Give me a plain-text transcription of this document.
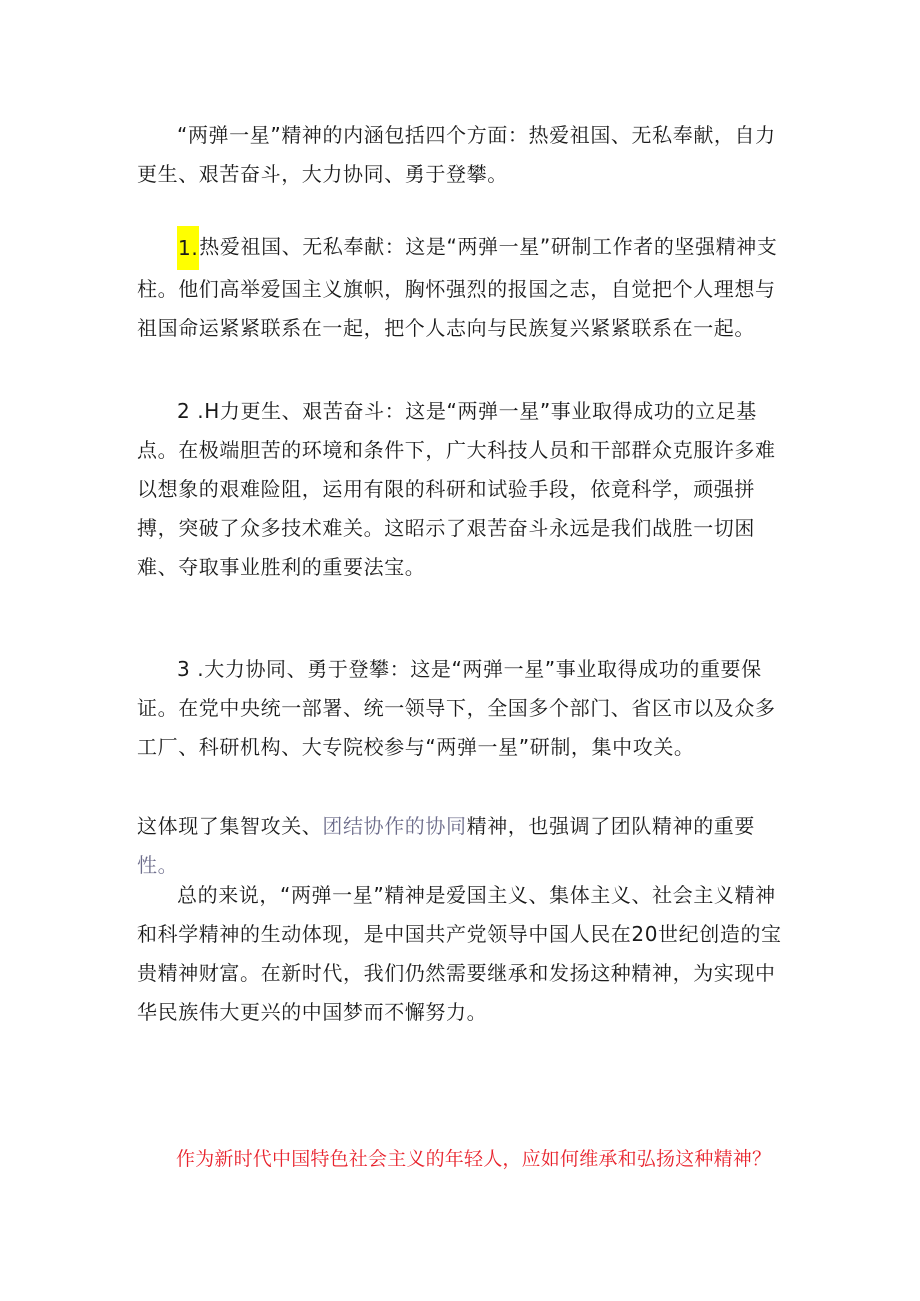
“两弹一星”精神的内涵包括四个方面：热爱祖国、无私奉献，自力更生、艰苦奋斗，大力协同、勇于登攀。

1.热爱祖国、无私奉献：这是“两弹一星”研制工作者的坚强精神支柱。他们高举爱国主义旗帜，胸怀强烈的报国之志，自觉把个人理想与祖国命运紧紧联系在一起，把个人志向与民族复兴紧紧联系在一起。

2 .H力更生、艰苦奋斗：这是“两弹一星”事业取得成功的立足基点。在极端胆苦的环境和条件下，广大科技人员和干部群众克服许多难以想象的艰难险阻，运用有限的科研和试验手段，依竟科学，顽强拼搏，突破了众多技术难关。这昭示了艰苦奋斗永远是我们战胜一切困难、夺取事业胜利的重要法宝。

3 .大力协同、勇于登攀：这是“两弹一星”事业取得成功的重要保证。在党中央统一部署、统一领导下，全国多个部门、省区市以及众多工厂、科研机构、大专院校参与“两弹一星”研制，集中攻关。

这体现了集智攻关、团结协作的协同精神，也强调了团队精神的重要性。

总的来说，“两弹一星”精神是爱国主义、集体主义、社会主义精神和科学精神的生动体现，是中国共产党领导中国人民在20世纪创造的宝贵精神财富。在新时代，我们仍然需要继承和发扬这种精神，为实现中华民族伟大更兴的中国梦而不懈努力。

作为新时代中国特色社会主义的年轻人，应如何维承和弘扬这种精神？
